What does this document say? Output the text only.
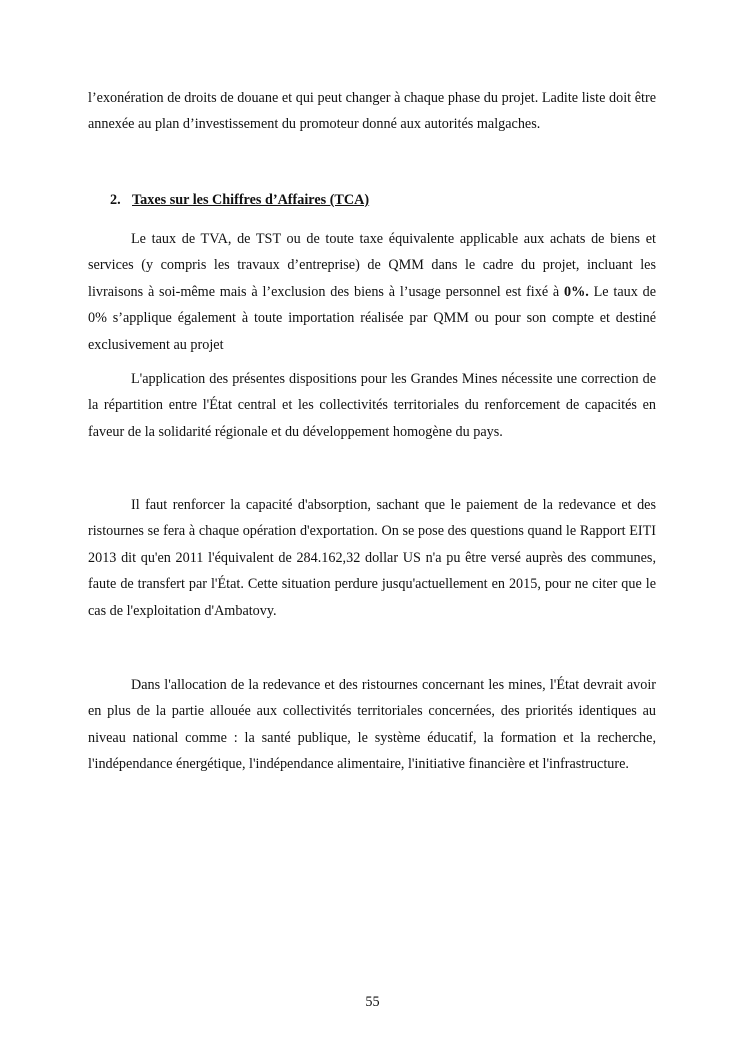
l’exonération de droits de douane et qui peut changer à chaque phase du projet. Ladite liste doit être annexée au plan d’investissement du promoteur donné aux autorités malgaches.

2. Taxes sur les Chiffres d’Affaires (TCA)

Le taux de TVA, de TST ou de toute taxe équivalente applicable aux achats de biens et services (y compris les travaux d’entreprise) de QMM dans le cadre du projet, incluant les livraisons à soi-même mais à l’exclusion des biens à l’usage personnel est fixé à 0%. Le taux de 0% s’applique également à toute importation réalisée par QMM ou pour son compte et destiné exclusivement au projet

L'application des présentes dispositions pour les Grandes Mines nécessite une correction de la répartition entre l'État central et les collectivités territoriales du renforcement de capacités en faveur de la solidarité régionale et du développement homogène du pays.

Il faut renforcer la capacité d'absorption, sachant que le paiement de la redevance et des ristournes se fera à chaque opération d'exportation. On se pose des questions quand le Rapport EITI 2013 dit qu'en 2011 l'équivalent de 284.162,32 dollar US n'a pu être versé auprès des communes, faute de transfert par l'État. Cette situation perdure jusqu'actuellement en 2015, pour ne citer que le cas de l'exploitation d'Ambatovy.

Dans l'allocation de la redevance et des ristournes concernant les mines, l'État devrait avoir en plus de la partie allouée aux collectivités territoriales concernées, des priorités identiques au niveau national comme : la santé publique, le système éducatif, la formation et la recherche, l'indépendance énergétique, l'indépendance alimentaire, l'initiative financière et l'infrastructure.

55
